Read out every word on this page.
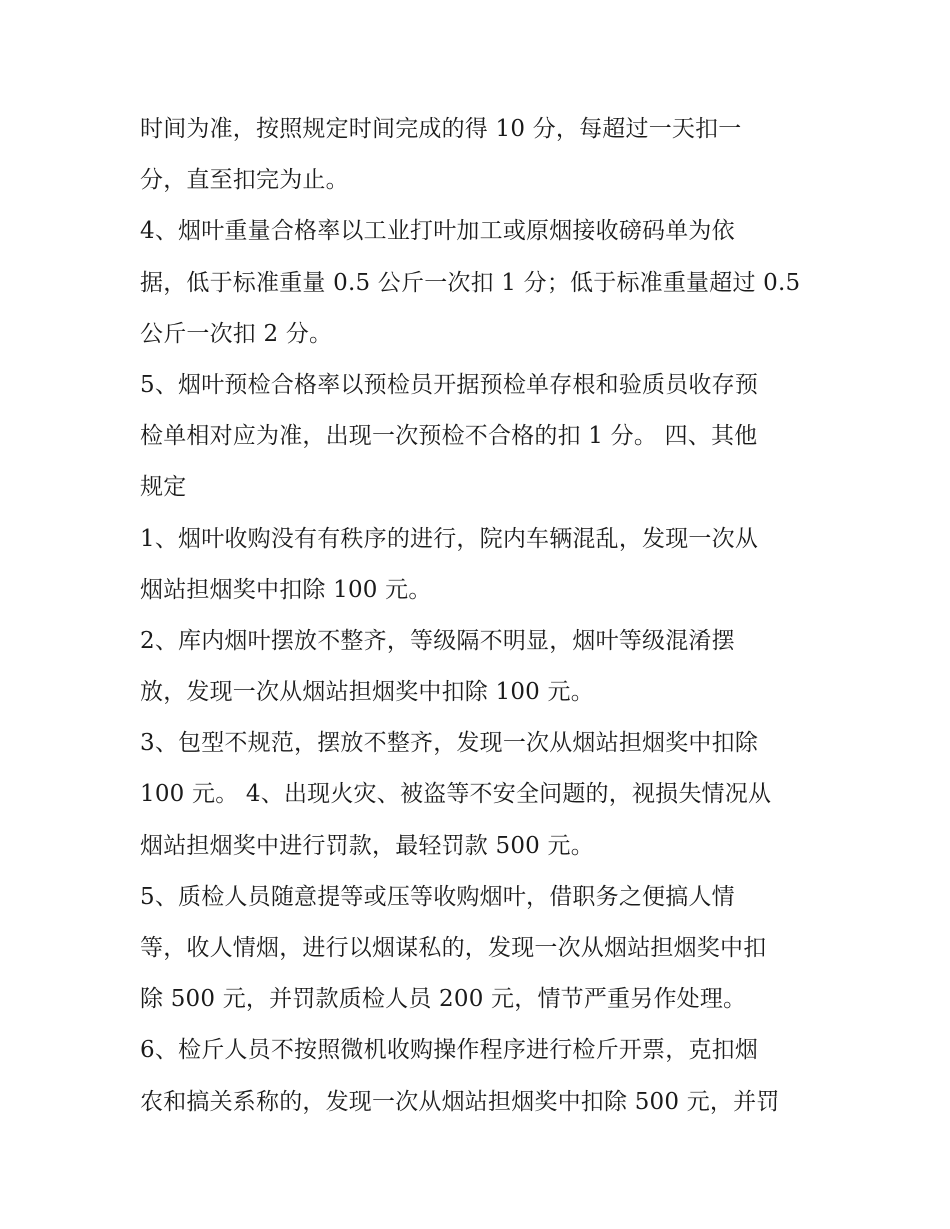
时间为准，按照规定时间完成的得 10 分，每超过一天扣一
分，直至扣完为止。
4、烟叶重量合格率以工业打叶加工或原烟接收磅码单为依
据，低于标准重量 0.5 公斤一次扣 1 分；低于标准重量超过 0.5
公斤一次扣 2 分。
5、烟叶预检合格率以预检员开据预检单存根和验质员收存预
检单相对应为准，出现一次预检不合格的扣 1 分。 四、其他
规定
1、烟叶收购没有有秩序的进行，院内车辆混乱，发现一次从
烟站担烟奖中扣除 100 元。
2、库内烟叶摆放不整齐，等级隔不明显，烟叶等级混淆摆
放，发现一次从烟站担烟奖中扣除 100 元。
3、包型不规范，摆放不整齐，发现一次从烟站担烟奖中扣除
100 元。 4、出现火灾、被盗等不安全问题的，视损失情况从
烟站担烟奖中进行罚款，最轻罚款 500 元。
5、质检人员随意提等或压等收购烟叶，借职务之便搞人情
等，收人情烟，进行以烟谋私的，发现一次从烟站担烟奖中扣
除 500 元，并罚款质检人员 200 元，情节严重另作处理。
6、检斤人员不按照微机收购操作程序进行检斤开票，克扣烟
农和搞关系称的，发现一次从烟站担烟奖中扣除 500 元，并罚
